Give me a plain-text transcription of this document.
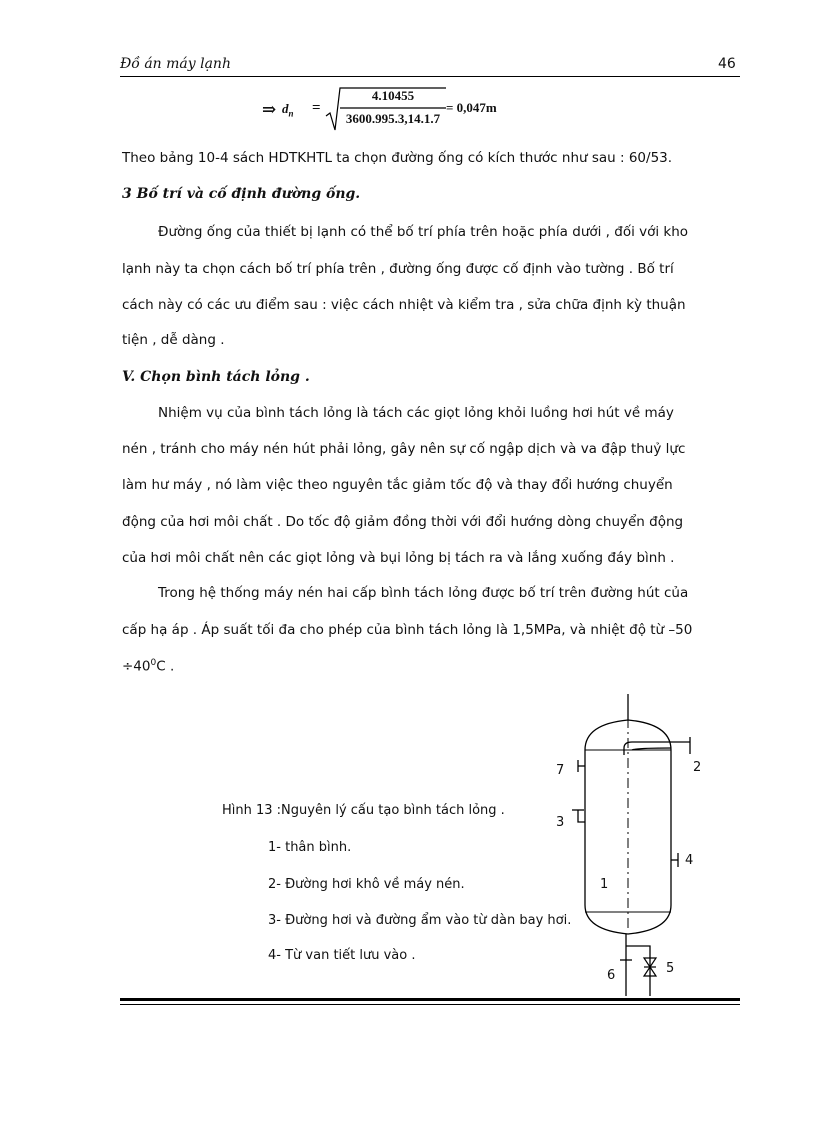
Đồ án máy lạnh	46
⇒ $d_n$ =
4.10455
3600.995.3,14.1.7
= 0,047m
Theo bảng 10-4 sách HDTKHTL ta chọn đường ống có kích thước như sau : 60/53.
3 Bố trí và cố định đường ống.
Đường ống của thiết bị lạnh có thể bố trí phía trên hoặc phía dưới , đối với kho
lạnh này ta chọn cách bố trí phía trên , đường ống được cố định vào tường . Bố trí
cách này có các ưu điểm sau : việc cách nhiệt và kiểm tra , sửa chữa định kỳ thuận
tiện , dễ dàng .
V. Chọn bình tách lỏng .
Nhiệm vụ của bình tách lỏng là tách các giọt lỏng khỏi luồng hơi hút về máy
nén , tránh cho máy nén hút phải lỏng, gây nên sự cố ngập dịch và va đập thuỷ lực
làm hư máy , nó làm việc theo nguyên tắc giảm tốc độ và thay đổi hướng chuyển
động của hơi môi chất . Do tốc độ giảm đồng thời với đổi hướng dòng chuyển động
của hơi môi chất nên các giọt lỏng và bụi lỏng bị tách ra và lắng xuống đáy bình .
Trong hệ thống máy nén hai cấp bình tách lỏng được bố trí trên đường hút của
cấp hạ áp . Áp suất tối đa cho phép của bình tách lỏng là 1,5MPa, và nhiệt độ từ –50
$\div 40^0C$ .
Hình 13 :Nguyên lý cấu tạo bình tách lỏng .
1- thân bình.
2- Đường hơi khô về máy nén.
3- Đường hơi và đường ẩm vào từ dàn bay hơi.
4- Từ van tiết lưu vào .
7	2
3
4
1
5
6
